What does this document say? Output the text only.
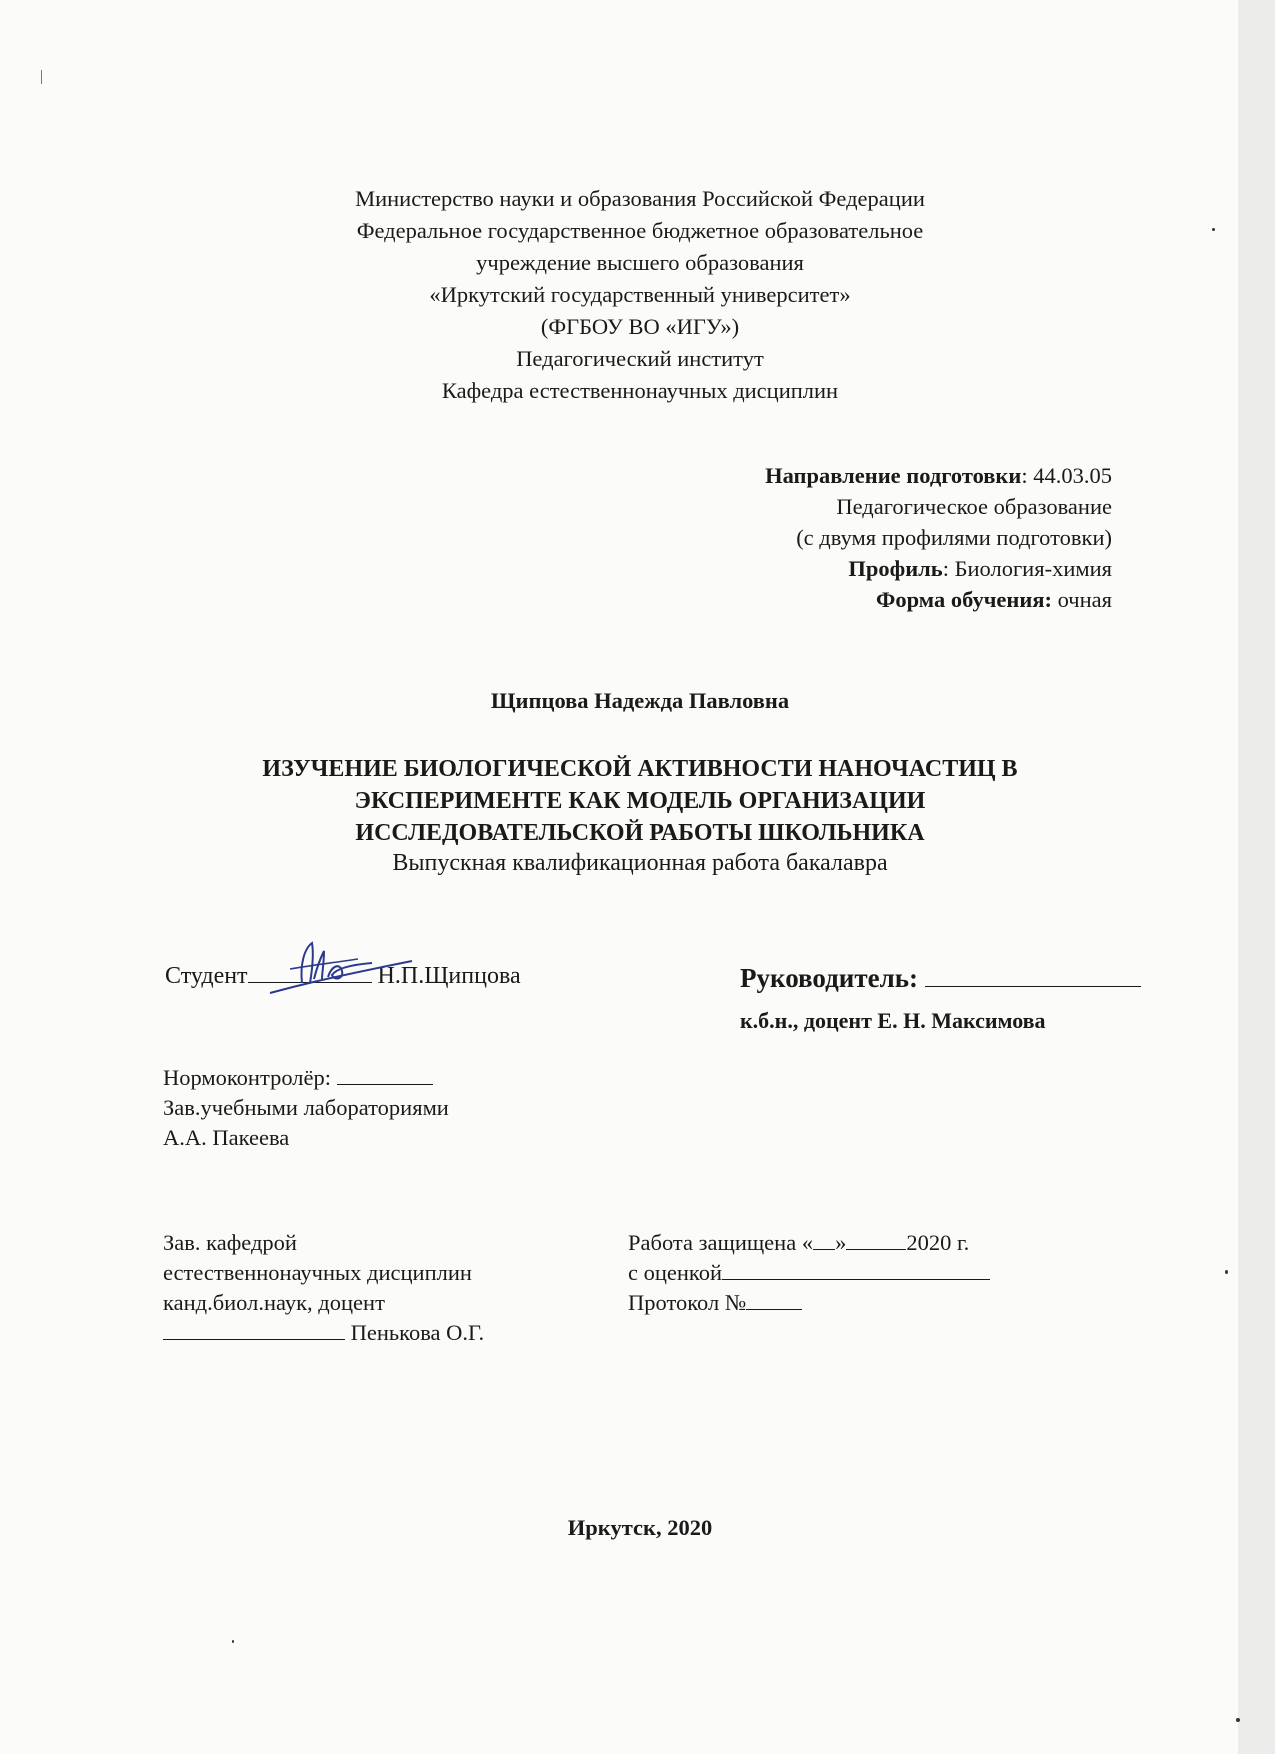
Министерство науки и образования Российской Федерации
Федеральное государственное бюджетное образовательное
учреждение высшего образования
«Иркутский государственный университет»
(ФГБОУ ВО «ИГУ»)
Педагогический институт
Кафедра естественнонаучных дисциплин
Направление подготовки: 44.03.05
Педагогическое образование
(с двумя профилями подготовки)
Профиль: Биология-химия
Форма обучения: очная
Щипцова Надежда Павловна
ИЗУЧЕНИЕ БИОЛОГИЧЕСКОЙ АКТИВНОСТИ НАНОЧАСТИЦ В
ЭКСПЕРИМЕНТЕ КАК МОДЕЛЬ ОРГАНИЗАЦИИ
ИССЛЕДОВАТЕЛЬСКОЙ РАБОТЫ ШКОЛЬНИКА
Выпускная квалификационная работа бакалавра
Студент	Н.П.Щипцова	Руководитель:
к.б.н., доцент Е. Н. Максимова
Нормоконтролёр:
Зав.учебными лабораториями
А.А. Пакеева
Зав. кафедрой
естественнонаучных дисциплин
канд.биол.наук, доцент
Пенькова О.Г.
Работа защищена « »	2020 г.
с оценкой
Протокол №
Иркутск, 2020
